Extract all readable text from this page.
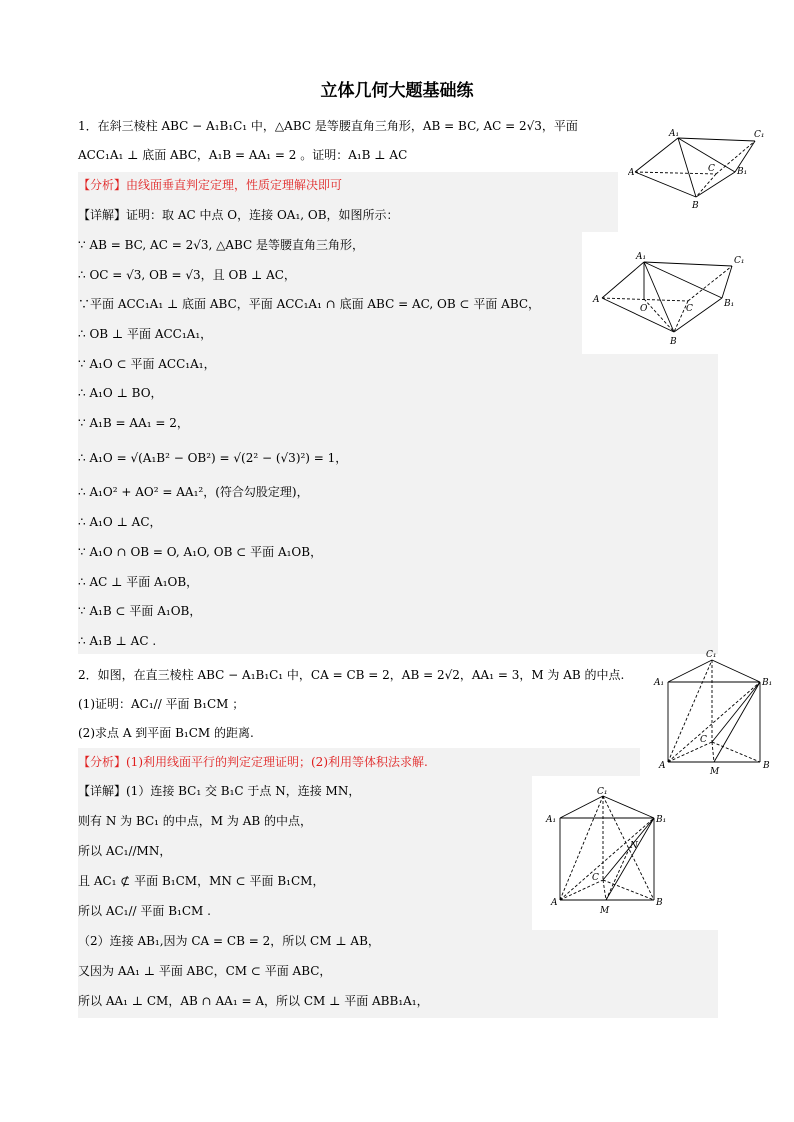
立体几何大题基础练
1．在斜三棱柱 ABC − A₁B₁C₁ 中，△ABC 是等腰直角三角形，AB = BC, AC = 2√3，平面
ACC₁A₁ ⊥ 底面 ABC，A₁B = AA₁ = 2 。证明：A₁B ⊥ AC
【分析】由线面垂直判定定理，性质定理解决即可
【详解】证明：取 AC 中点 O，连接 OA₁, OB，如图所示：
∵ AB = BC, AC = 2√3, △ABC 是等腰直角三角形，
∴ OC = √3, OB = √3，且 OB ⊥ AC，
∵平面 ACC₁A₁ ⊥ 底面 ABC，平面 ACC₁A₁ ∩ 底面 ABC = AC, OB ⊂ 平面 ABC，
∴ OB ⊥ 平面 ACC₁A₁，
∵ A₁O ⊂ 平面 ACC₁A₁，
∴ A₁O ⊥ BO，
∵ A₁B = AA₁ = 2，
∴ A₁O = √(A₁B² − OB²) = √(2² − (√3)²) = 1，
∴ A₁O² + AO² = AA₁²，(符合勾股定理)，
∴ A₁O ⊥ AC，
∵ A₁O ∩ OB = O, A₁O, OB ⊂ 平面 A₁OB，
∴ AC ⊥ 平面 A₁OB，
∵ A₁B ⊂ 平面 A₁OB，
∴ A₁B ⊥ AC .
2．如图，在直三棱柱 ABC − A₁B₁C₁ 中，CA = CB = 2，AB = 2√2，AA₁ = 3，M 为 AB 的中点.
(1)证明：AC₁// 平面 B₁CM ；
(2)求点 A 到平面 B₁CM 的距离.
【分析】(1)利用线面平行的判定定理证明；(2)利用等体积法求解.
【详解】(1）连接 BC₁ 交 B₁C 于点 N，连接 MN，
则有 N 为 BC₁ 的中点，M 为 AB 的中点，
所以 AC₁//MN，
且 AC₁ ⊄ 平面 B₁CM，MN ⊂ 平面 B₁CM，
所以 AC₁// 平面 B₁CM .
（2）连接 AB₁,因为 CA = CB = 2，所以 CM ⊥ AB，
又因为 AA₁ ⊥ 平面 ABC，CM ⊂ 平面 ABC，
所以 AA₁ ⊥ CM，AB ∩ AA₁ = A，所以 CM ⊥ 平面 ABB₁A₁，
A₁	C₁
A	C B₁
B
A₁	C₁
A
O	C	B₁
B
C₁
A₁	B₁
C
A
M
B
C₁
A₁	B₁
N
C
A
M
B
